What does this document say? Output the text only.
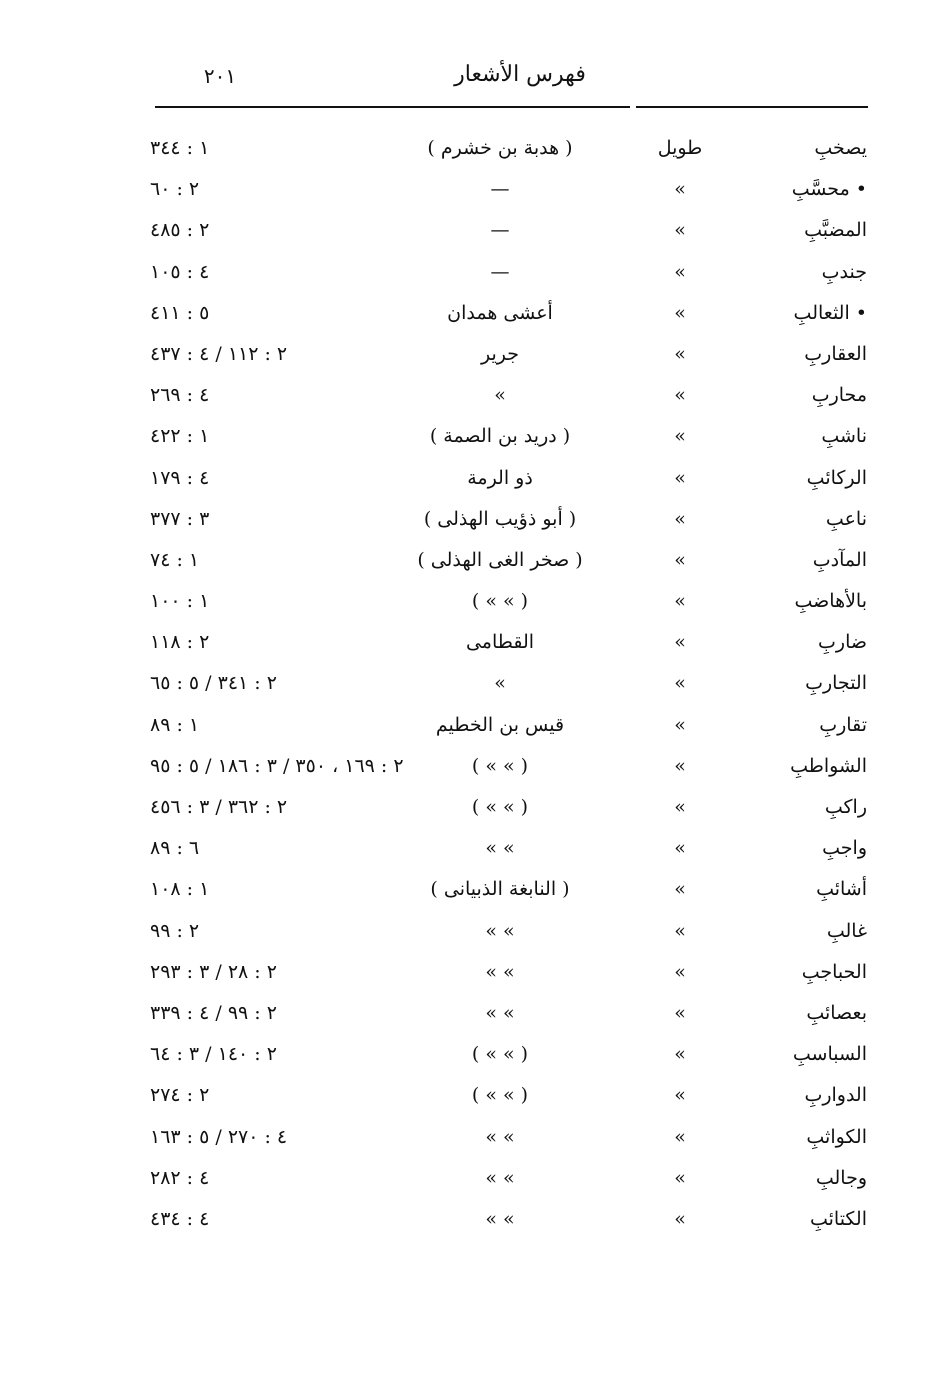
فهرس الأشعار
٢٠١
يصخبِ
طويل
( هدبة بن خشرم )
١ : ٣٤٤
• محسَّبِ
»
—
٢ : ٦٠
المضبَّبِ
»
—
٢ : ٤٨٥
جندبِ
»
—
٤ : ١٠٥
• الثعالبِ
»
أعشى همدان
٥ : ٤١١
العقاربِ
»
جرير
٢ : ١١٢ / ٤ : ٤٣٧
محاربِ
»
»
٤ : ٢٦٩
ناشبِ
»
( دريد بن الصمة )
١ : ٤٢٢
الركائبِ
»
ذو الرمة
٤ : ١٧٩
ناعبِ
»
( أبو ذؤيب الهذلى )
٣ : ٣٧٧
المآدبِ
»
( صخر الغى الهذلى )
١ : ٧٤
بالأهاضبِ
»
( » » )
١ : ١٠٠
ضاربِ
»
القطامى
٢ : ١١٨
التجاربِ
»
»
٢ : ٣٤١ / ٥ : ٦٥
تقاربِ
»
قيس بن الخطيم
١ : ٨٩
الشواطبِ
»
( » » )
٢ : ١٦٩ ، ٣٥٠ / ٣ : ١٨٦ / ٥ : ٩٥
راكبِ
»
( » » )
٢ : ٣٦٢ / ٣ : ٤٥٦
واجبِ
»
» »
٦ : ٨٩
أشائبِ
»
( النابغة الذبيانى )
١ : ١٠٨
غالبِ
»
» »
٢ : ٩٩
الحباجبِ
»
» »
٢ : ٢٨ / ٣ : ٢٩٣
بعصائبِ
»
» »
٢ : ٩٩ / ٤ : ٣٣٩
السباسبِ
»
( » » )
٢ : ١٤٠ / ٣ : ٦٤
الدواربِ
»
( » » )
٢ : ٢٧٤
الكواثبِ
»
» »
٤ : ٢٧٠ / ٥ : ١٦٣
وجالبِ
»
» »
٤ : ٢٨٢
الكتائبِ
»
» »
٤ : ٤٣٤
